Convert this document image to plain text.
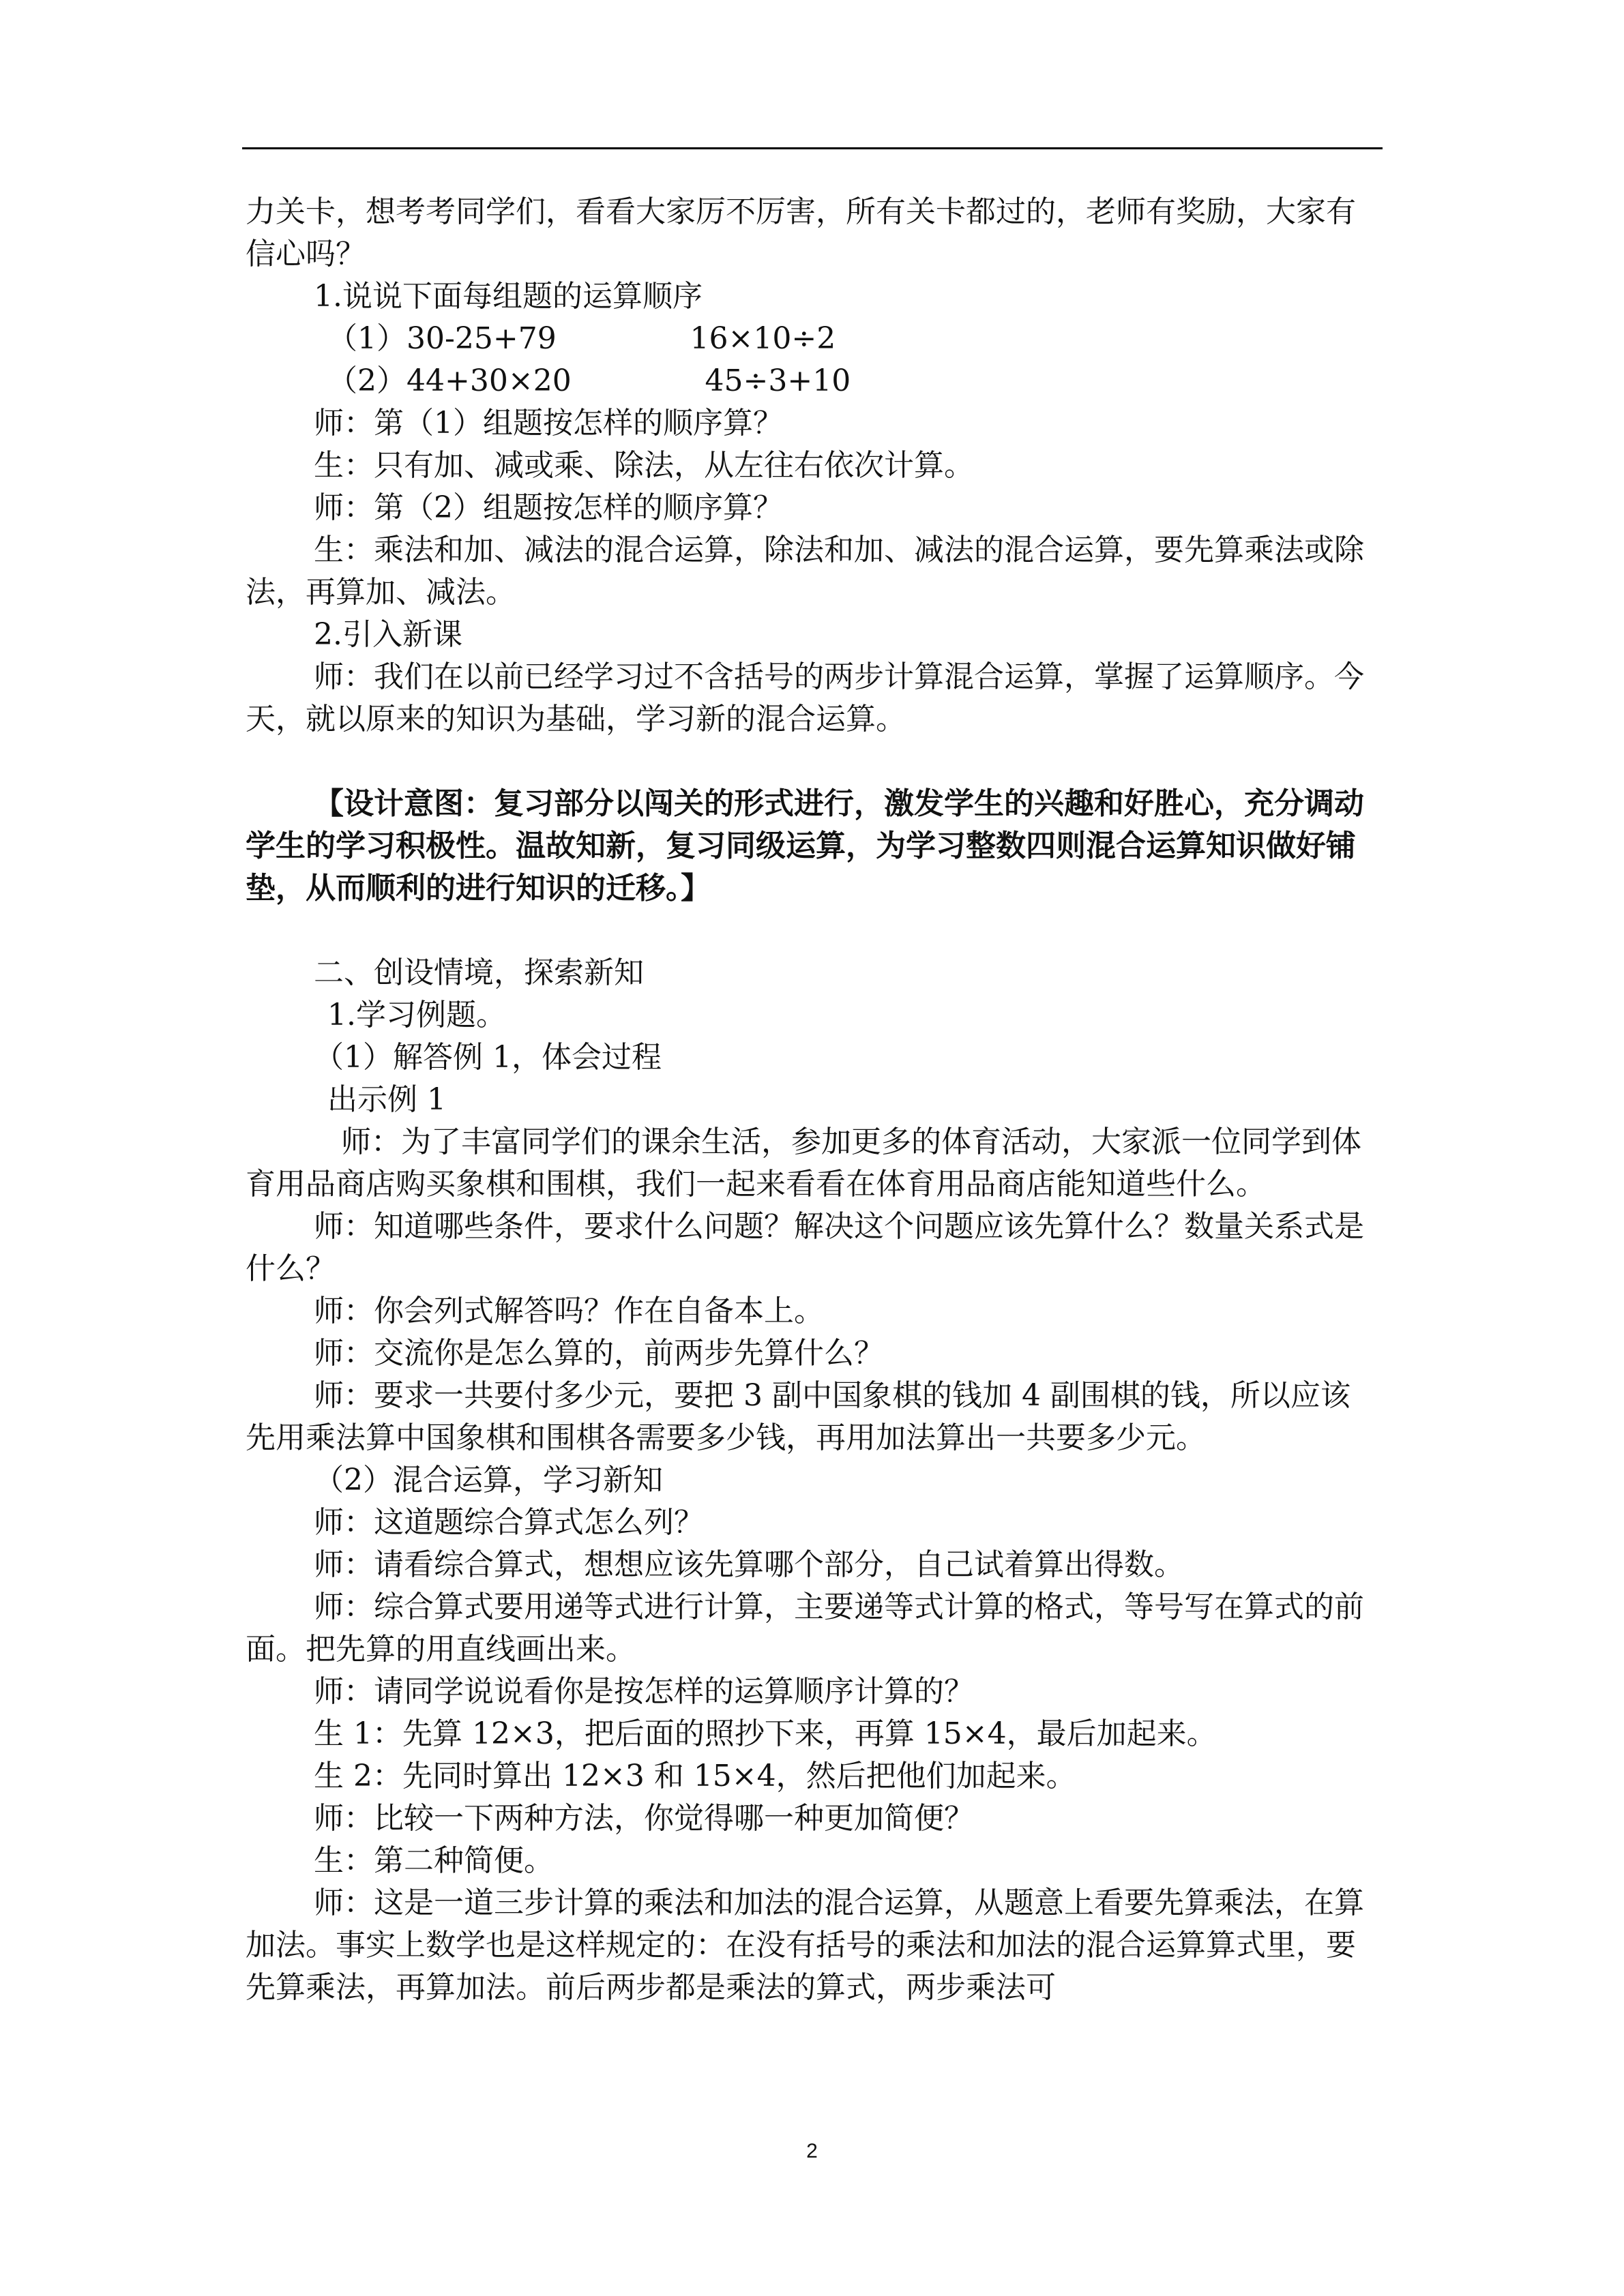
力关卡，想考考同学们，看看大家厉不厉害，所有关卡都过的，老师有奖励，大家有信心吗？

1.说说下面每组题的运算顺序

（1）30-25+79              16×10÷2

（2）44+30×20              45÷3+10

师：第（1）组题按怎样的顺序算？

生：只有加、减或乘、除法，从左往右依次计算。

师：第（2）组题按怎样的顺序算？

生：乘法和加、减法的混合运算，除法和加、减法的混合运算，要先算乘法或除法，再算加、减法。

2.引入新课

师：我们在以前已经学习过不含括号的两步计算混合运算，掌握了运算顺序。今天，就以原来的知识为基础，学习新的混合运算。

【设计意图：复习部分以闯关的形式进行，激发学生的兴趣和好胜心，充分调动学生的学习积极性。温故知新，复习同级运算，为学习整数四则混合运算知识做好铺垫，从而顺利的进行知识的迁移。】

二、创设情境，探索新知

1.学习例题。

（1）解答例 1，体会过程

出示例 1

师：为了丰富同学们的课余生活，参加更多的体育活动，大家派一位同学到体育用品商店购买象棋和围棋，我们一起来看看在体育用品商店能知道些什么。

师：知道哪些条件，要求什么问题？解决这个问题应该先算什么？数量关系式是什么？

师：你会列式解答吗？作在自备本上。

师：交流你是怎么算的，前两步先算什么？

师：要求一共要付多少元，要把 3 副中国象棋的钱加 4 副围棋的钱，所以应该先用乘法算中国象棋和围棋各需要多少钱，再用加法算出一共要多少元。

（2）混合运算，学习新知

师：这道题综合算式怎么列？

师：请看综合算式，想想应该先算哪个部分，自己试着算出得数。

师：综合算式要用递等式进行计算，主要递等式计算的格式，等号写在算式的前面。把先算的用直线画出来。

师：请同学说说看你是按怎样的运算顺序计算的？

生 1：先算 12×3，把后面的照抄下来，再算 15×4，最后加起来。

生 2：先同时算出 12×3 和 15×4，然后把他们加起来。

师：比较一下两种方法，你觉得哪一种更加简便？

生：第二种简便。

师：这是一道三步计算的乘法和加法的混合运算，从题意上看要先算乘法，在算加法。事实上数学也是这样规定的：在没有括号的乘法和加法的混合运算算式里，要先算乘法，再算加法。前后两步都是乘法的算式，两步乘法可

2
